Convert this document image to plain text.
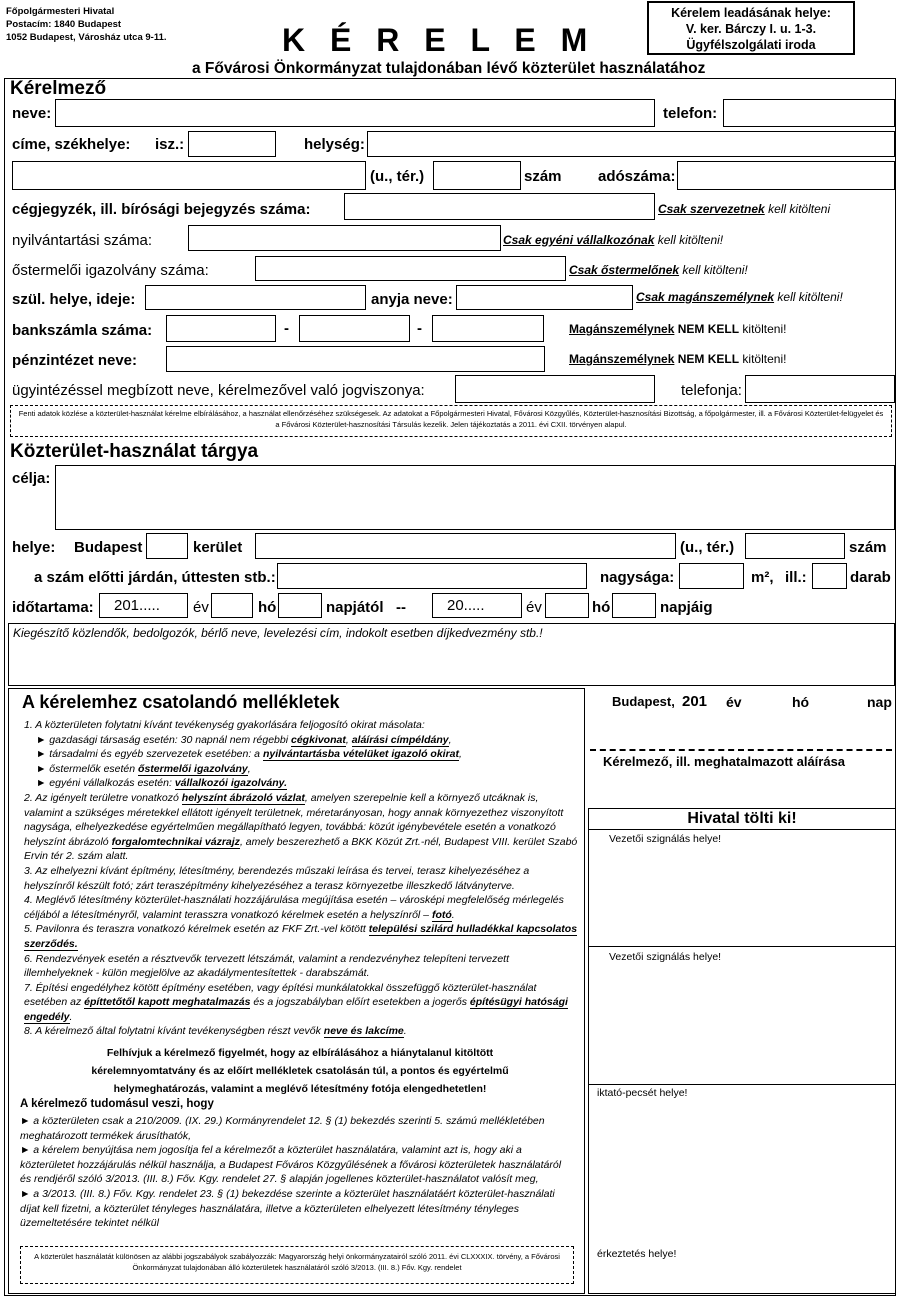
Főpolgármesteri Hivatal
Postacím: 1840 Budapest
1052 Budapest, Városház utca 9-11.	K É R E L E M
a Fővárosi Önkormányzat tulajdonában lévő közterület használatához
Kérelem leadásának helye:
V. ker. Bárczy I. u. 1-3.
Ügyfélszolgálati iroda
Kérelmező
neve:	telefon:
címe, székhelye: isz.:	helység:
(u., tér.)	szám adószáma:
cégjegyzék, ill. bírósági bejegyzés száma:	Csak szervezetnek kell kitölteni
nyilvántartási száma:	Csak egyéni vállalkozónak kell kitölteni!
őstermelői igazolvány száma:	Csak őstermelőnek kell kitölteni!
szül. helye, ideje:	anyja neve:	Csak magánszemélynek kell kitölteni!
bankszámla száma:	-	-	Magánszemélynek NEM KELL kitölteni!
pénzintézet neve:	Magánszemélynek NEM KELL kitölteni!
ügyintézéssel megbízott neve, kérelmezővel való jogviszonya:	telefonja:
Fenti adatok közlése a közterület-használat kérelme elbírálásához, a használat ellenőrzéséhez szükségesek. Az adatokat a Főpolgármesteri Hivatal, Fővárosi Közgyűlés, Közterület-hasznosítási Bizottság, a főpolgármester, ill. a Fővárosi Közterület-felügyelet és a Fővárosi Közterület-hasznosítási Társulás kezelik. Jelen tájékoztatás a 2011. évi CXII. törvényen alapul.
Közterület-használat tárgya
célja:
helye: Budapest	kerület	(u., tér.)	szám
a szám előtti járdán, úttesten stb.:	nagysága:	m², ill.:	darab
időtartama:	201.....	év	hó	napjától --	20.....	év	hó	napjáig
Kiegészítő közlendők, bedolgozók, bérlő neve, levelezési cím, indokolt esetben díjkedvezmény stb.!
A kérelemhez csatolandó mellékletek
1. A közterületen folytatni kívánt tevékenység gyakorlására feljogosító okirat másolata:
► gazdasági társaság esetén: 30 napnál nem régebbi cégkivonat, aláírási címpéldány,
► társadalmi és egyéb szervezetek esetében: a nyilvántartásba vételüket igazoló okirat,
► őstermelők esetén őstermelői igazolvány,
► egyéni vállalkozás esetén: vállalkozói igazolvány.
2. Az igényelt területre vonatkozó helyszínt ábrázoló vázlat, amelyen szerepelnie kell a környező utcáknak is, valamint a szükséges méretekkel ellátott igényelt területnek, méretarányosan, hogy annak környezethez viszonyított nagysága, elhelyezkedése egyértelműen megállapítható legyen, továbbá: közút igénybevétele esetén a vonatkozó helyszínt ábrázoló forgalomtechnikai vázrajz, amely beszerezhető a BKK Közút Zrt.-nél, Budapest VIII. kerület Szabó Ervin tér 2. szám alatt.
3. Az elhelyezni kívánt építmény, létesítmény, berendezés műszaki leírása és tervei, terasz kihelyezéséhez a helyszínről készült fotó; zárt teraszépítmény kihelyezéséhez a terasz környezetbe illeszkedő látványterve.
4. Meglévő létesítmény közterület-használati hozzájárulása megújítása esetén – városképi megfelelőség mérlegelés céljából a létesítményről, valamint terasszra vonatkozó kérelmek esetén a helyszínről – fotó.
5. Pavilonra és teraszra vonatkozó kérelmek esetén az FKF Zrt.-vel kötött települési szilárd hulladékkal kapcsolatos szerződés.
6. Rendezvények esetén a résztvevők tervezett létszámát, valamint a rendezvényhez telepíteni tervezett illemhelyeknek - külön megjelölve az akadálymentesítettek - darabszámát.
7. Építési engedélyhez kötött építmény esetében, vagy építési munkálatokkal összefüggő közterület-használat esetében az építtetőtől kapott meghatalmazás és a jogszabályban előírt esetekben a jogerős építésügyi hatósági engedély.
8. A kérelmező által folytatni kívánt tevékenységben részt vevők neve és lakcíme.
Felhívjuk a kérelmező figyelmét, hogy az elbírálásához a hiánytalanul kitöltött
kérelemnyomtatvány és az előírt mellékletek csatolásán túl, a pontos és egyértelmű
helymeghatározás, valamint a meglévő létesítmény fotója elengedhetetlen!
A kérelmező tudomásul veszi, hogy
► a közterületen csak a 210/2009. (IX. 29.) Kormányrendelet 12. § (1) bekezdés szerinti 5. számú mellékletében meghatározott termékek árusíthatók,
► a kérelem benyújtása nem jogosítja fel a kérelmezőt a közterület használatára, valamint azt is, hogy aki a közterületet hozzájárulás nélkül használja, a Budapest Főváros Közgyűlésének a fővárosi közterületek használatáról és rendjéről szóló 3/2013. (III. 8.) Főv. Kgy. rendelet 27. § alapján jogellenes közterület-használatot valósít meg,
► a 3/2013. (III. 8.) Főv. Kgy. rendelet 23. § (1) bekezdése szerinte a közterület használatáért közterület-használati díjat kell fizetni, a közterület tényleges használatára, illetve a közterületen elhelyezett létesítmény tényleges üzemeltetésére tekintet nélkül
A közterület használatát különösen az alábbi jogszabályok szabályozzák: Magyarország helyi önkormányzatairól szóló 2011. évi CLXXXIX. törvény, a Fővárosi Önkormányzat tulajdonában álló közterületek használatáról szóló 3/2013. (III. 8.) Főv. Kgy. rendelet
Budapest, 201 év	hó	nap
Kérelmező, ill. meghatalmazott aláírása
Hivatal tölti ki!
Vezetői szignálás helye!
Vezetői szignálás helye!
iktató-pecsét helye!
érkeztetés helye!
